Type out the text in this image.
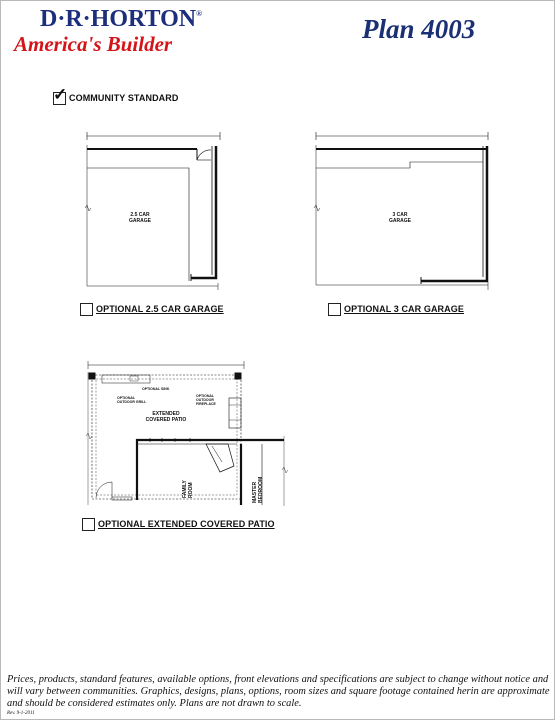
D·R·HORTON®
America's Builder	Plan 4003
✓ COMMUNITY STANDARD
2.5 CAR
GARAGE
3 CAR
GARAGE
OPTIONAL 2.5 CAR GARAGE	OPTIONAL 3 CAR GARAGE
EXTENDED
COVERED PATIO
OPTIONAL SINK
OPTIONAL
OUTDOOR GRILL
OPTIONAL
OUTDOOR
FIREPLACE
FAMILY
ROOM	MASTER
BEDROOM
OPTIONAL EXTENDED COVERED PATIO
Prices, products, standard features, available options, front elevations and specifications are subject to change without notice and will vary between communities. Graphics, designs, plans, options, room sizes and square footage contained herin are approximate and should be considered estimates only. Plans are not drawn to scale.
Rev. 9-1-2011
